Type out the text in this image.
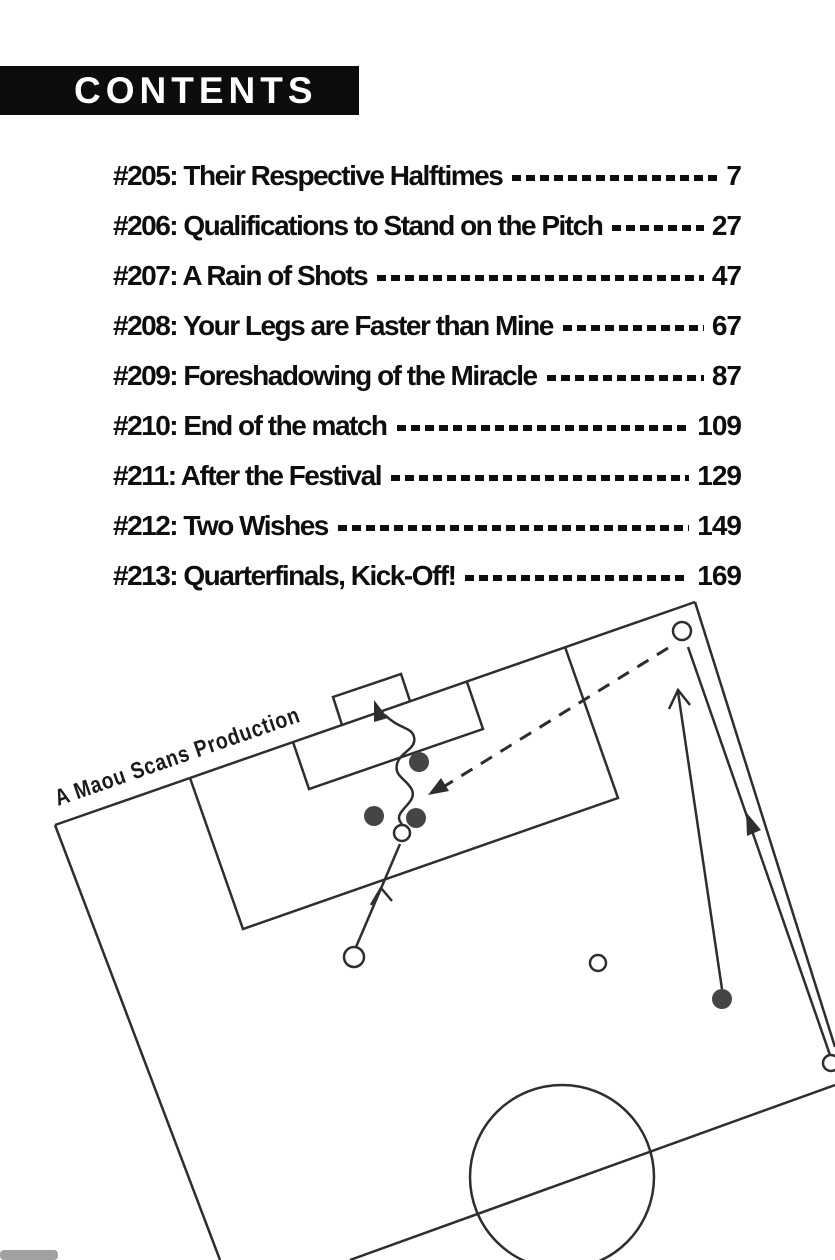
A Maou Scans Production
CONTENTS
#205: Their Respective Halftimes	7
#206: Qualifications to Stand on the Pitch	27
#207: A Rain of Shots	47
#208: Your Legs are Faster than Mine	67
#209: Foreshadowing of the Miracle	87
#210: End of the match	109
#211: After the Festival	129
#212: Two Wishes	149
#213: Quarterfinals, Kick-Off!	169
